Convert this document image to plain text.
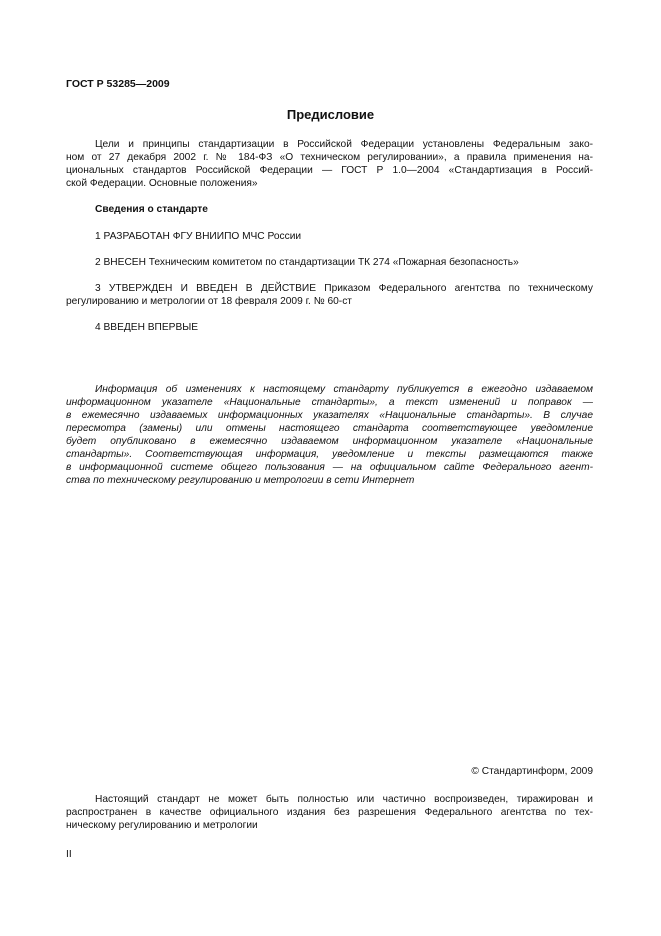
ГОСТ Р 53285—2009
Предисловие
Цели и принципы стандартизации в Российской Федерации установлены Федеральным зако-
ном от 27 декабря 2002 г. № 184-ФЗ «О техническом регулировании», а правила применения на-
циональных стандартов Российской Федерации — ГОСТ Р 1.0—2004 «Стандартизация в Россий-
ской Федерации. Основные положения»
Сведения о стандарте
1 РАЗРАБОТАН ФГУ ВНИИПО МЧС России
2 ВНЕСЕН Техническим комитетом по стандартизации ТК 274 «Пожарная безопасность»
3 УТВЕРЖДЕН И ВВЕДЕН В ДЕЙСТВИЕ Приказом Федерального агентства по техническому
регулированию и метрологии от 18 февраля 2009 г. № 60-ст
4 ВВЕДЕН ВПЕРВЫЕ
Информация об изменениях к настоящему стандарту публикуется в ежегодно издаваемом
информационном указателе «Национальные стандарты», а текст изменений и поправок —
в ежемесячно издаваемых информационных указателях «Национальные стандарты». В случае
пересмотра (замены) или отмены настоящего стандарта соответствующее уведомление
будет опубликовано в ежемесячно издаваемом информационном указателе «Национальные
стандарты». Соответствующая информация, уведомление и тексты размещаются также
в информационной системе общего пользования — на официальном сайте Федерального агент-
ства по техническому регулированию и метрологии в сети Интернет
© Стандартинформ, 2009
Настоящий стандарт не может быть полностью или частично воспроизведен, тиражирован и
распространен в качестве официального издания без разрешения Федерального агентства по тех-
ническому регулированию и метрологии
II
